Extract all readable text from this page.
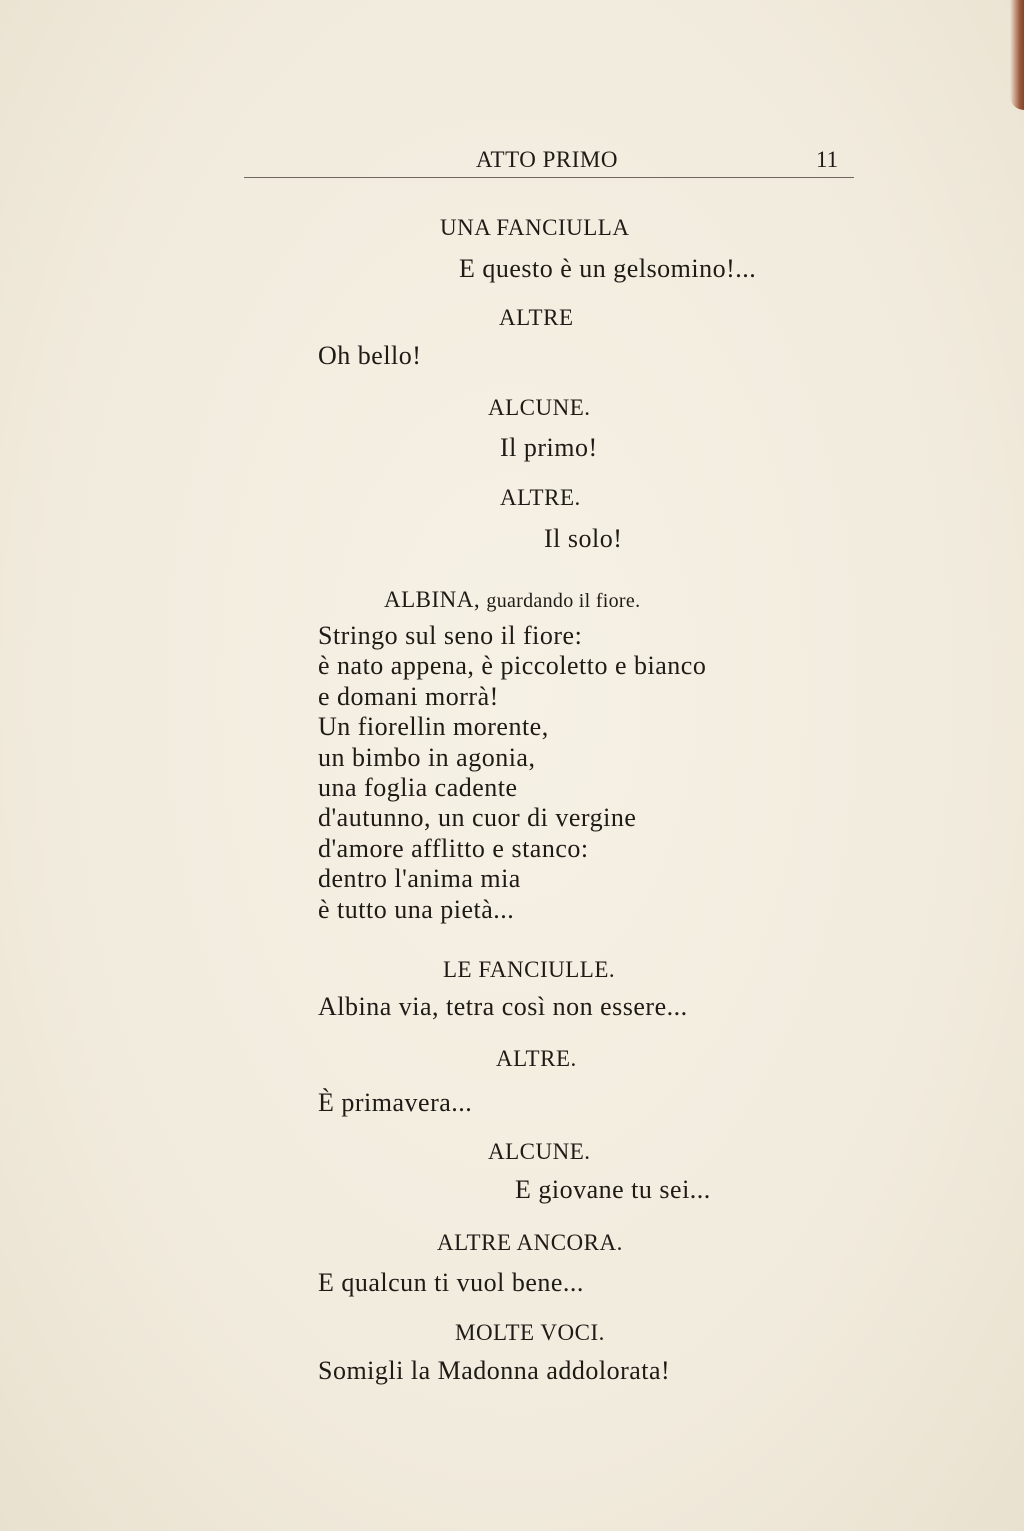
ATTO PRIMO	11
UNA FANCIULLA
E questo è un gelsomino!...
ALTRE
Oh bello!
ALCUNE.
Il primo!
ALTRE.
Il solo!
ALBINA, guardando il fiore.
Stringo sul seno il fiore:
è nato appena, è piccoletto e bianco
e domani morrà!
Un fiorellin morente,
un bimbo in agonia,
una foglia cadente
d'autunno, un cuor di vergine
d'amore afflitto e stanco:
dentro l'anima mia
è tutto una pietà...
LE FANCIULLE.
Albina via, tetra così non essere...
ALTRE.
È primavera...
ALCUNE.
E giovane tu sei...
ALTRE ANCORA.
E qualcun ti vuol bene...
MOLTE VOCI.
Somigli la Madonna addolorata!
